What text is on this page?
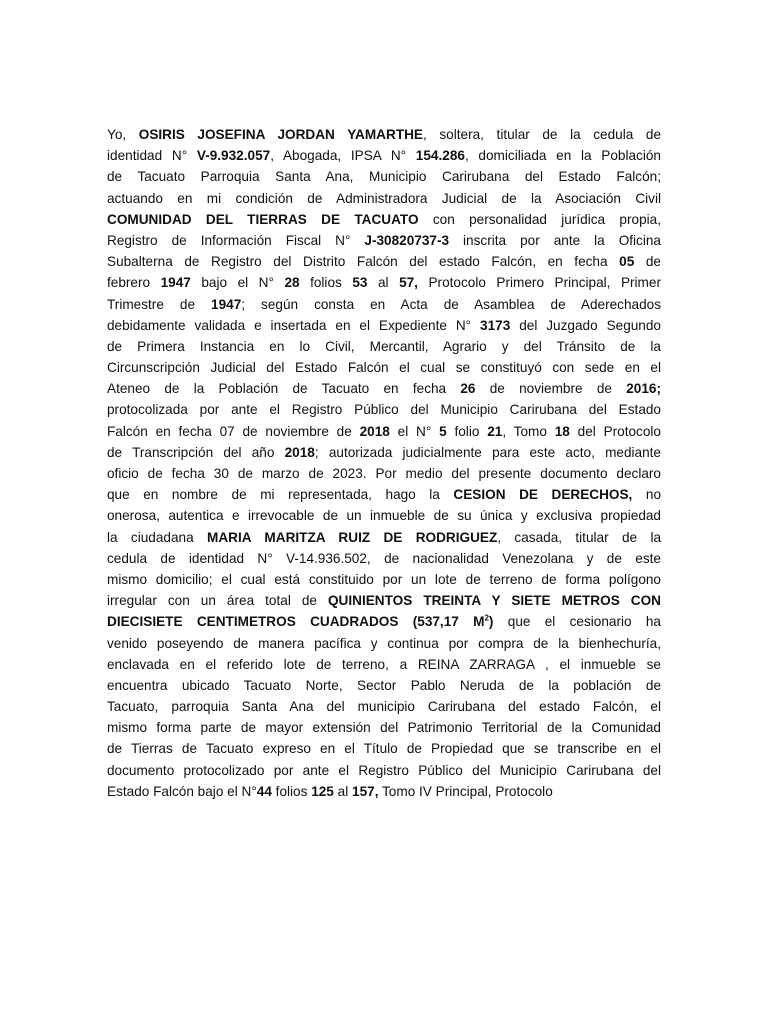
Yo, OSIRIS JOSEFINA JORDAN YAMARTHE, soltera, titular de la cedula de
identidad N° V-9.932.057, Abogada, IPSA N° 154.286, domiciliada en la Población
de Tacuato Parroquia Santa Ana, Municipio Carirubana del Estado Falcón;
actuando en mi condición de Administradora Judicial de la Asociación Civil
COMUNIDAD DEL TIERRAS DE TACUATO con personalidad jurídica propia,
Registro de Información Fiscal N° J-30820737-3 inscrita por ante la Oficina
Subalterna de Registro del Distrito Falcón del estado Falcón, en fecha 05 de
febrero 1947 bajo el N° 28 folios 53 al 57, Protocolo Primero Principal, Primer
Trimestre de 1947; según consta en Acta de Asamblea de Aderechados
debidamente validada e insertada en el Expediente N° 3173 del Juzgado Segundo
de Primera Instancia en lo Civil, Mercantil, Agrario y del Tránsito de la
Circunscripción Judicial del Estado Falcón el cual se constituyó con sede en el
Ateneo de la Población de Tacuato en fecha 26 de noviembre de 2016;
protocolizada por ante el Registro Público del Municipio Carirubana del Estado
Falcón en fecha 07 de noviembre de 2018 el N° 5 folio 21, Tomo 18 del Protocolo
de Transcripción del año 2018; autorizada judicialmente para este acto, mediante
oficio de fecha 30 de marzo de 2023. Por medio del presente documento declaro
que en nombre de mi representada, hago la CESION DE DERECHOS, no
onerosa, autentica e irrevocable de un inmueble de su única y exclusiva propiedad
la ciudadana MARIA MARITZA RUIZ DE RODRIGUEZ, casada, titular de la
cedula de identidad N° V-14.936.502, de nacionalidad Venezolana y de este
mismo domicilio; el cual está constituido por un lote de terreno de forma polígono
irregular con un área total de QUINIENTOS TREINTA Y SIETE METROS CON
DIECISIETE CENTIMETROS CUADRADOS (537,17 $M^2$) que el cesionario ha
venido poseyendo de manera pacífica y continua por compra de la bienhechuría,
enclavada en el referido lote de terreno, a REINA ZARRAGA , el inmueble se
encuentra ubicado Tacuato Norte, Sector Pablo Neruda de la población de
Tacuato, parroquia Santa Ana del municipio Carirubana del estado Falcón, el
mismo forma parte de mayor extensión del Patrimonio Territorial de la Comunidad
de Tierras de Tacuato expreso en el Título de Propiedad que se transcribe en el
documento protocolizado por ante el Registro Público del Municipio Carirubana del
Estado Falcón bajo el N°44 folios 125 al 157, Tomo IV Principal, Protocolo
